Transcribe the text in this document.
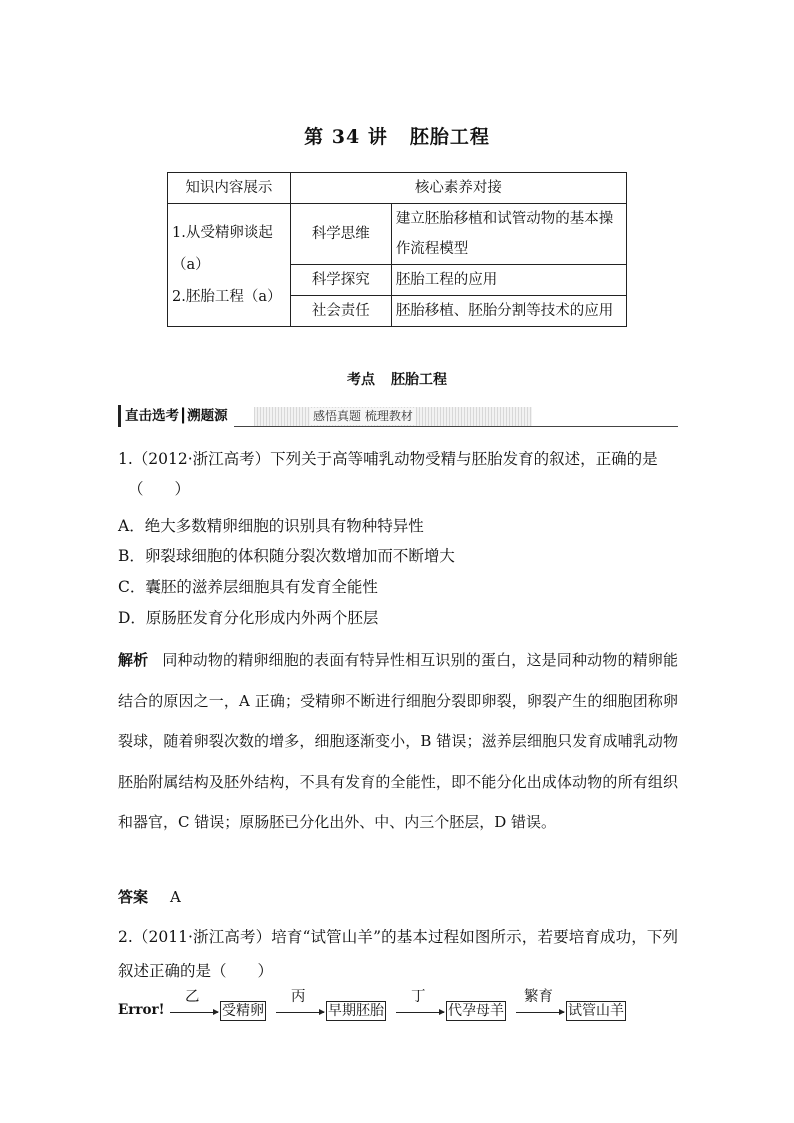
第 34 讲 胚胎工程
知识内容展示	核心素养对接	

1.从受精卵谈起（a）
2.胚胎工程（a）	科学思维	建立胚胎移植和试管动物的基本操作流程模型
	科学探究	胚胎工程的应用
	社会责任	胚胎移植、胚胎分割等技术的应用
考点 胚胎工程
直击选考┃溯题源	感悟真题 梳理教材
1.（2012·浙江高考）下列关于高等哺乳动物受精与胚胎发育的叙述，正确的是
（　　）
A．绝大多数精卵细胞的识别具有物种特异性
B．卵裂球细胞的体积随分裂次数增加而不断增大
C．囊胚的滋养层细胞具有发育全能性
D．原肠胚发育分化形成内外两个胚层
解析 同种动物的精卵细胞的表面有特异性相互识别的蛋白，这是同种动物的精卵能结合的原因之一，A 正确；受精卵不断进行细胞分裂即卵裂，卵裂产生的细胞团称卵裂球，随着卵裂次数的增多，细胞逐渐变小，B 错误；滋养层细胞只发育成哺乳动物胚胎附属结构及胚外结构，不具有发育的全能性，即不能分化出成体动物的所有组织和器官，C 错误；原肠胚已分化出外、中、内三个胚层，D 错误。
答案 A
2.（2011·浙江高考）培育“试管山羊”的基本过程如图所示，若要培育成功，下列叙述正确的是（　　）
Error!
乙
受精卵
丙
早期胚胎
丁
代孕母羊
繁育
试管山羊
